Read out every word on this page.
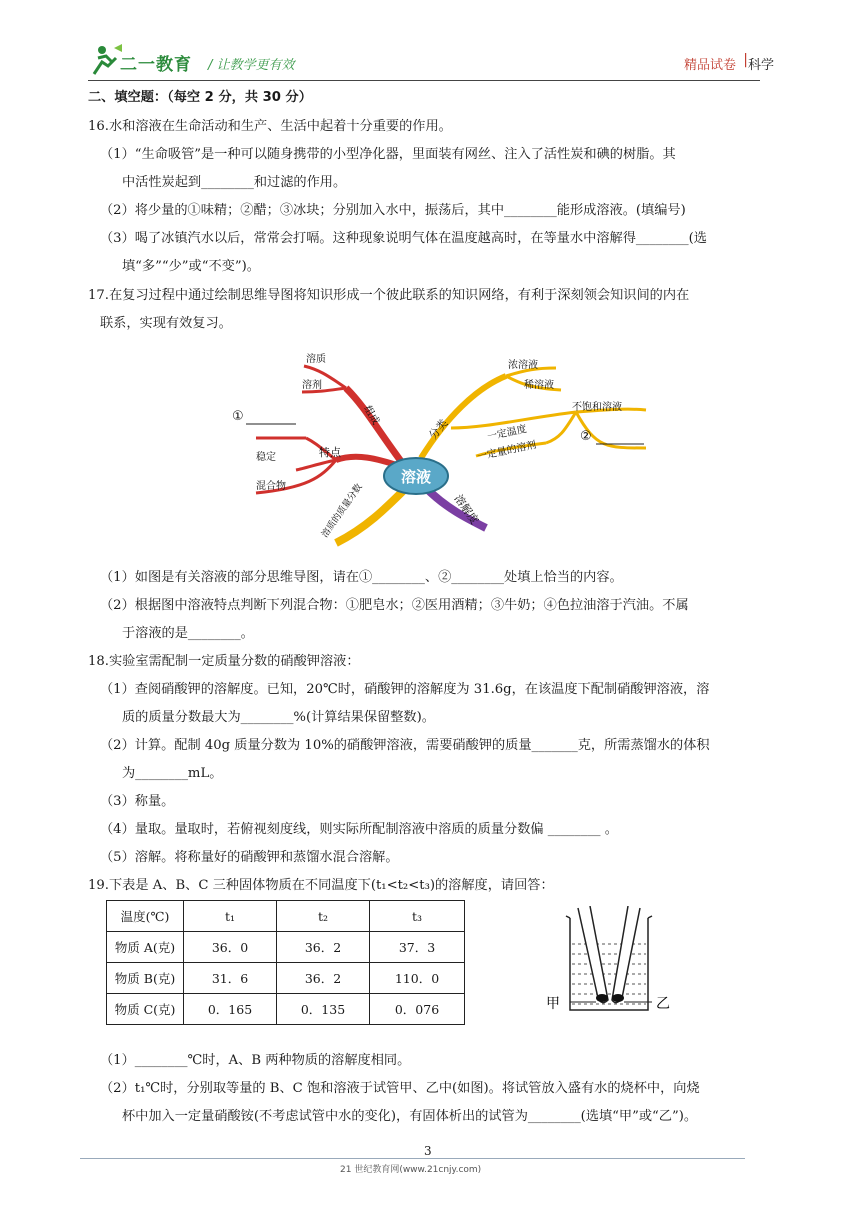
二一教育 / 让教学更有效	精品试卷 | 科学
二、填空题：（每空 2 分，共 30 分）
16.水和溶液在生命活动和生产、生活中起着十分重要的作用。
（1）“生命吸管”是一种可以随身携带的小型净化器，里面装有网丝、注入了活性炭和碘的树脂。其
中活性炭起到________和过滤的作用。
（2）将少量的①味精；②醋；③冰块；分别加入水中，振荡后，其中________能形成溶液。(填编号)
（3）喝了冰镇汽水以后，常常会打嗝。这种现象说明气体在温度越高时，在等量水中溶解得________(选
填“多”“少”或“不变”)。
17.在复习过程中通过绘制思维导图将知识形成一个彼此联系的知识网络，有利于深刻领会知识间的内在
联系，实现有效复习。
溶液
组成
溶质
溶剂
特点
稳定
混合物
①
分类
浓溶液
稀溶液
不饱和溶液
一定温度
一定量的溶剂
②
溶质的质量分数	溶解度
（1）如图是有关溶液的部分思维导图，请在①________、②________处填上恰当的内容。
（2）根据图中溶液特点判断下列混合物：①肥皂水；②医用酒精；③牛奶；④色拉油溶于汽油。不属
于溶液的是________。
18.实验室需配制一定质量分数的硝酸钾溶液：
（1）查阅硝酸钾的溶解度。已知，20℃时，硝酸钾的溶解度为 31.6g，在该温度下配制硝酸钾溶液，溶
质的质量分数最大为________%(计算结果保留整数)。
（2）计算。配制 40g 质量分数为 10%的硝酸钾溶液，需要硝酸钾的质量_______克，所需蒸馏水的体积
为________mL。
（3）称量。
（4）量取。量取时，若俯视刻度线，则实际所配制溶液中溶质的质量分数偏 ________ 。
（5）溶解。将称量好的硝酸钾和蒸馏水混合溶解。
19.下表是 A、B、C 三种固体物质在不同温度下(t₁<t₂<t₃)的溶解度，请回答：
温度(℃)	t₁	t₂	t₃
物质 A(克)	36．0	36．2	37．3
物质 B(克)	31．6	36．2	110．0
物质 C(克)	0．165	0．135	0．076	甲	乙
（1）________℃时，A、B 两种物质的溶解度相同。
（2）t₁℃时，分别取等量的 B、C 饱和溶液于试管甲、乙中(如图)。将试管放入盛有水的烧杯中，向烧
杯中加入一定量硝酸铵(不考虑试管中水的变化)，有固体析出的试管为________(选填“甲”或“乙”)。
3
21 世纪教育网(www.21cnjy.com)
